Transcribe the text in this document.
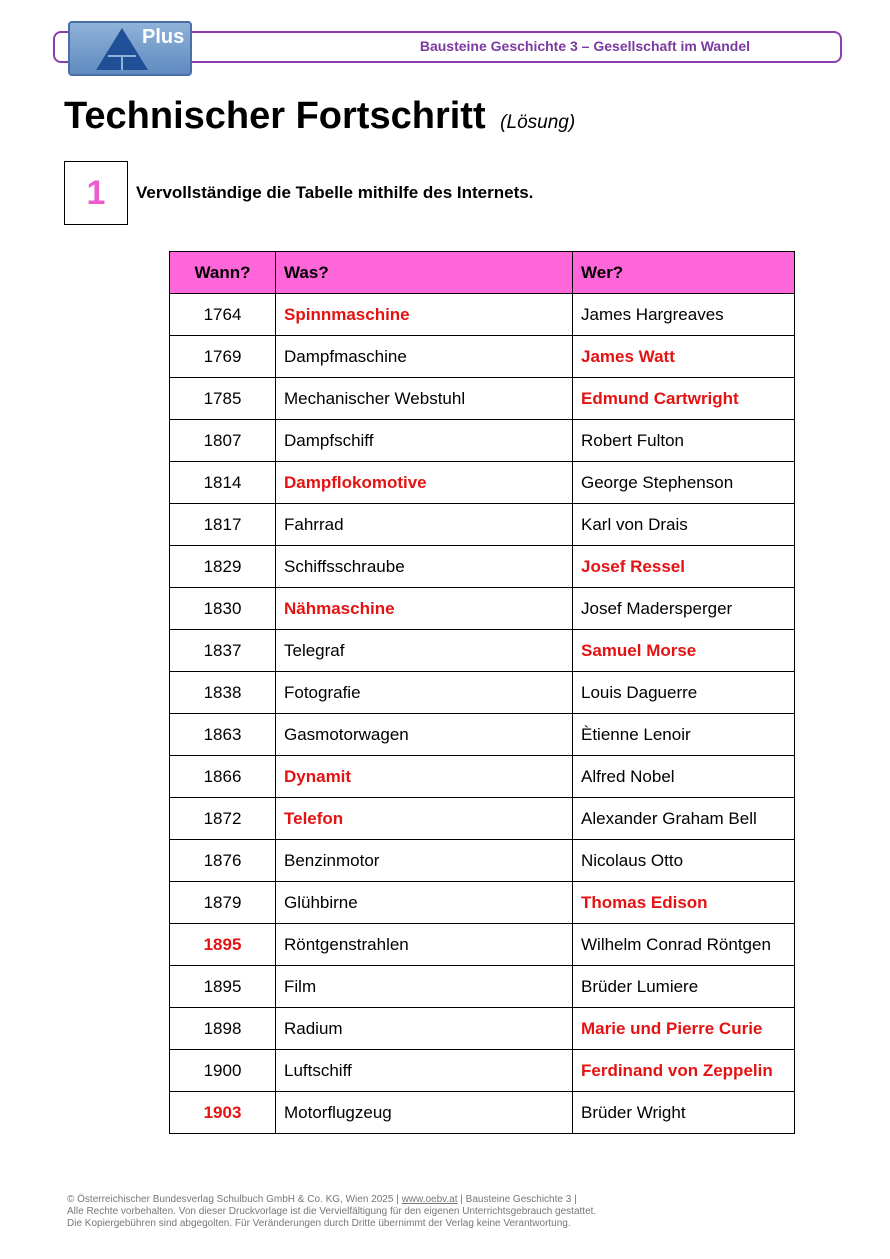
Plus	Bausteine Geschichte 3 – Gesellschaft im Wandel
Technischer Fortschritt (Lösung)
1	Vervollständige die Tabelle mithilfe des Internets.
Wann?	Was?	Wer?
1764	Spinnmaschine	James Hargreaves
1769	Dampfmaschine	James Watt
1785	Mechanischer Webstuhl	Edmund Cartwright
1807	Dampfschiff	Robert Fulton
1814	Dampflokomotive	George Stephenson
1817	Fahrrad	Karl von Drais
1829	Schiffsschraube	Josef Ressel
1830	Nähmaschine	Josef Madersperger
1837	Telegraf	Samuel Morse
1838	Fotografie	Louis Daguerre
1863	Gasmotorwagen	Ètienne Lenoir
1866	Dynamit	Alfred Nobel
1872	Telefon	Alexander Graham Bell
1876	Benzinmotor	Nicolaus Otto
1879	Glühbirne	Thomas Edison
1895	Röntgenstrahlen	Wilhelm Conrad Röntgen
1895	Film	Brüder Lumiere
1898	Radium	Marie und Pierre Curie
1900	Luftschiff	Ferdinand von Zeppelin
1903	Motorflugzeug	Brüder Wright
© Österreichischer Bundesverlag Schulbuch GmbH & Co. KG, Wien 2025 | www.oebv.at | Bausteine Geschichte 3 |
Alle Rechte vorbehalten. Von dieser Druckvorlage ist die Vervielfältigung für den eigenen Unterrichtsgebrauch gestattet.
Die Kopiergebühren sind abgegolten. Für Veränderungen durch Dritte übernimmt der Verlag keine Verantwortung.
